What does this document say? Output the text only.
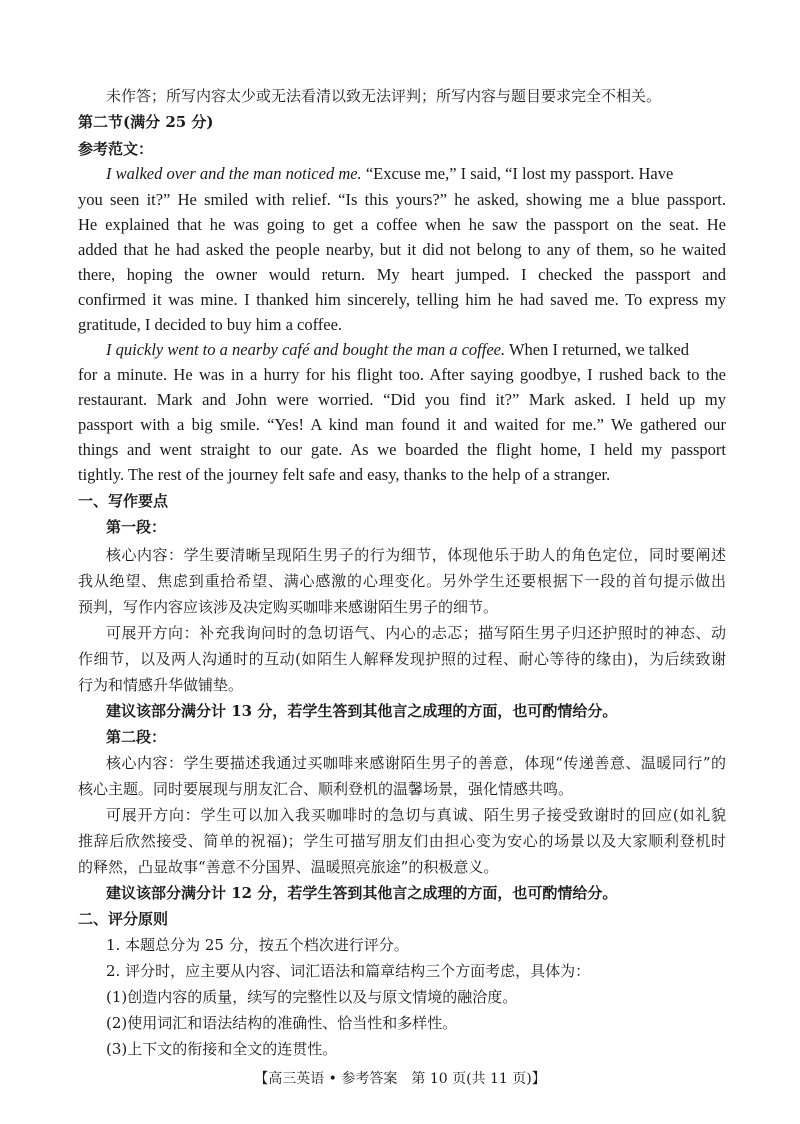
未作答；所写内容太少或无法看清以致无法评判；所写内容与题目要求完全不相关。
第二节(满分 25 分)
参考范文：
I walked over and the man noticed me. “Excuse me,” I said, “I lost my passport. Have
you seen it?” He smiled with relief. “Is this yours?” he asked, showing me a blue passport.
He explained that he was going to get a coffee when he saw the passport on the seat. He
added that he had asked the people nearby, but it did not belong to any of them, so he waited
there, hoping the owner would return. My heart jumped. I checked the passport and
confirmed it was mine. I thanked him sincerely, telling him he had saved me. To express my
gratitude, I decided to buy him a coffee.
I quickly went to a nearby café and bought the man a coffee. When I returned, we talked
for a minute. He was in a hurry for his flight too. After saying goodbye, I rushed back to the
restaurant. Mark and John were worried. “Did you find it?” Mark asked. I held up my
passport with a big smile. “Yes! A kind man found it and waited for me.” We gathered our
things and went straight to our gate. As we boarded the flight home, I held my passport
tightly. The rest of the journey felt safe and easy, thanks to the help of a stranger.
一、写作要点
第一段：
核心内容：学生要清晰呈现陌生男子的行为细节，体现他乐于助人的角色定位，同时要阐述
我从绝望、焦虑到重拾希望、满心感激的心理变化。另外学生还要根据下一段的首句提示做出
预判，写作内容应该涉及决定购买咖啡来感谢陌生男子的细节。
可展开方向：补充我询问时的急切语气、内心的忐忑；描写陌生男子归还护照时的神态、动
作细节，以及两人沟通时的互动(如陌生人解释发现护照的过程、耐心等待的缘由)，为后续致谢
行为和情感升华做铺垫。
建议该部分满分计 13 分，若学生答到其他言之成理的方面，也可酌情给分。
第二段：
核心内容：学生要描述我通过买咖啡来感谢陌生男子的善意，体现“传递善意、温暖同行”的
核心主题。同时要展现与朋友汇合、顺利登机的温馨场景，强化情感共鸣。
可展开方向：学生可以加入我买咖啡时的急切与真诚、陌生男子接受致谢时的回应(如礼貌
推辞后欣然接受、简单的祝福)；学生可描写朋友们由担心变为安心的场景以及大家顺利登机时
的释然，凸显故事“善意不分国界、温暖照亮旅途”的积极意义。
建议该部分满分计 12 分，若学生答到其他言之成理的方面，也可酌情给分。
二、评分原则
1. 本题总分为 25 分，按五个档次进行评分。
2. 评分时，应主要从内容、词汇语法和篇章结构三个方面考虑，具体为：
(1)创造内容的质量，续写的完整性以及与原文情境的融洽度。
(2)使用词汇和语法结构的准确性、恰当性和多样性。
(3)上下文的衔接和全文的连贯性。
【高三英语 • 参考答案　第 10 页(共 11 页)】
